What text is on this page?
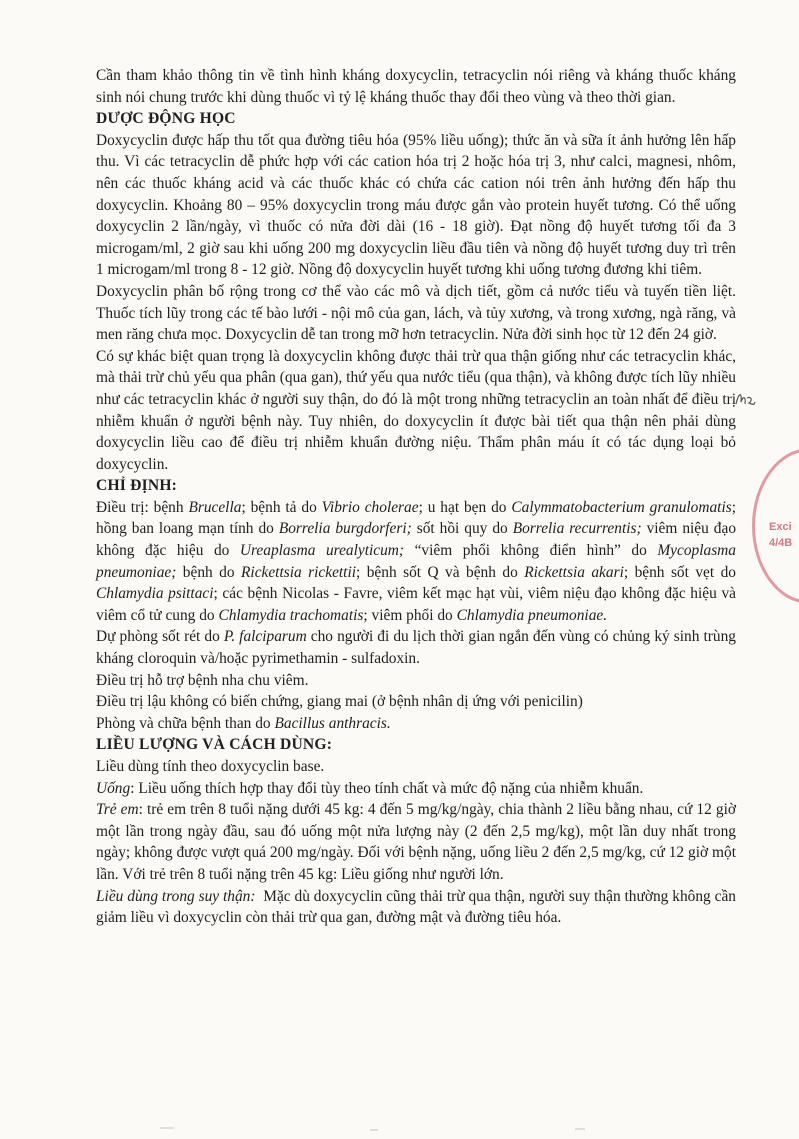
Cần tham khảo thông tin về tình hình kháng doxycyclin, tetracyclin nói riêng và kháng thuốc kháng sinh nói chung trước khi dùng thuốc vì tỷ lệ kháng thuốc thay đổi theo vùng và theo thời gian.

DƯỢC ĐỘNG HỌC

Doxycyclin được hấp thu tốt qua đường tiêu hóa (95% liều uống); thức ăn và sữa ít ảnh hưởng lên hấp thu. Vì các tetracyclin dễ phức hợp với các cation hóa trị 2 hoặc hóa trị 3, như calci, magnesi, nhôm, nên các thuốc kháng acid và các thuốc khác có chứa các cation nói trên ảnh hưởng đến hấp thu doxycyclin. Khoảng 80 – 95% doxycyclin trong máu được gắn vào protein huyết tương. Có thể uống doxycyclin 2 lần/ngày, vì thuốc có nửa đời dài (16 - 18 giờ). Đạt nồng độ huyết tương tối đa 3 microgam/ml, 2 giờ sau khi uống 200 mg doxycyclin liều đầu tiên và nồng độ huyết tương duy trì trên 1 microgam/ml trong 8 - 12 giờ. Nồng độ doxycyclin huyết tương khi uống tương đương khi tiêm.

Doxycyclin phân bố rộng trong cơ thể vào các mô và dịch tiết, gồm cả nước tiểu và tuyến tiền liệt. Thuốc tích lũy trong các tế bào lưới - nội mô của gan, lách, và tủy xương, và trong xương, ngà răng, và men răng chưa mọc. Doxycyclin dễ tan trong mỡ hơn tetracyclin. Nửa đời sinh học từ 12 đến 24 giờ.

Có sự khác biệt quan trọng là doxycyclin không được thải trừ qua thận giống như các tetracyclin khác, mà thải trừ chủ yếu qua phân (qua gan), thứ yếu qua nước tiểu (qua thận), và không được tích lũy nhiều như các tetracyclin khác ở người suy thận, do đó là một trong những tetracyclin an toàn nhất để điều trị nhiễm khuẩn ở người bệnh này. Tuy nhiên, do doxycyclin ít được bài tiết qua thận nên phải dùng doxycyclin liều cao để điều trị nhiễm khuẩn đường niệu. Thẩm phân máu ít có tác dụng loại bỏ doxycyclin.

CHỈ ĐỊNH:

Điều trị: bệnh Brucella; bệnh tả do Vibrio cholerae; u hạt bẹn do Calymmatobacterium granulomatis; hồng ban loang mạn tính do Borrelia burgdorferi; sốt hồi quy do Borrelia recurrentis; viêm niệu đạo không đặc hiệu do Ureaplasma urealyticum; “viêm phổi không điển hình” do Mycoplasma pneumoniae; bệnh do Rickettsia rickettii; bệnh sốt Q và bệnh do Rickettsia akari; bệnh sốt vẹt do Chlamydia psittaci; các bệnh Nicolas - Favre, viêm kết mạc hạt vùi, viêm niệu đạo không đặc hiệu và viêm cổ tử cung do Chlamydia trachomatis; viêm phổi do Chlamydia pneumoniae.

Dự phòng sốt rét do P. falciparum cho người đi du lịch thời gian ngắn đến vùng có chủng ký sinh trùng kháng cloroquin và/hoặc pyrimethamin - sulfadoxin.

Điều trị hỗ trợ bệnh nha chu viêm.

Điều trị lậu không có biến chứng, giang mai (ở bệnh nhân dị ứng với penicilin)

Phòng và chữa bệnh than do Bacillus anthracis.

LIỀU LƯỢNG VÀ CÁCH DÙNG:

Liều dùng tính theo doxycyclin base.

Uống: Liều uống thích hợp thay đổi tùy theo tính chất và mức độ nặng của nhiễm khuẩn.

Trẻ em: trẻ em trên 8 tuổi nặng dưới 45 kg: 4 đến 5 mg/kg/ngày, chia thành 2 liều bằng nhau, cứ 12 giờ một lần trong ngày đầu, sau đó uống một nửa lượng này (2 đến 2,5 mg/kg), một lần duy nhất trong ngày; không được vượt quá 200 mg/ngày. Đối với bệnh nặng, uống liều 2 đến 2,5 mg/kg, cứ 12 giờ một lần. Với trẻ trên 8 tuổi nặng trên 45 kg: Liều giống như người lớn.

Liều dùng trong suy thận:  Mặc dù doxycyclin cũng thải trừ qua thận, người suy thận thường không cần giảm liều vì doxycyclin còn thải trừ qua gan, đường mật và đường tiêu hóa.

Exci
4/4B
